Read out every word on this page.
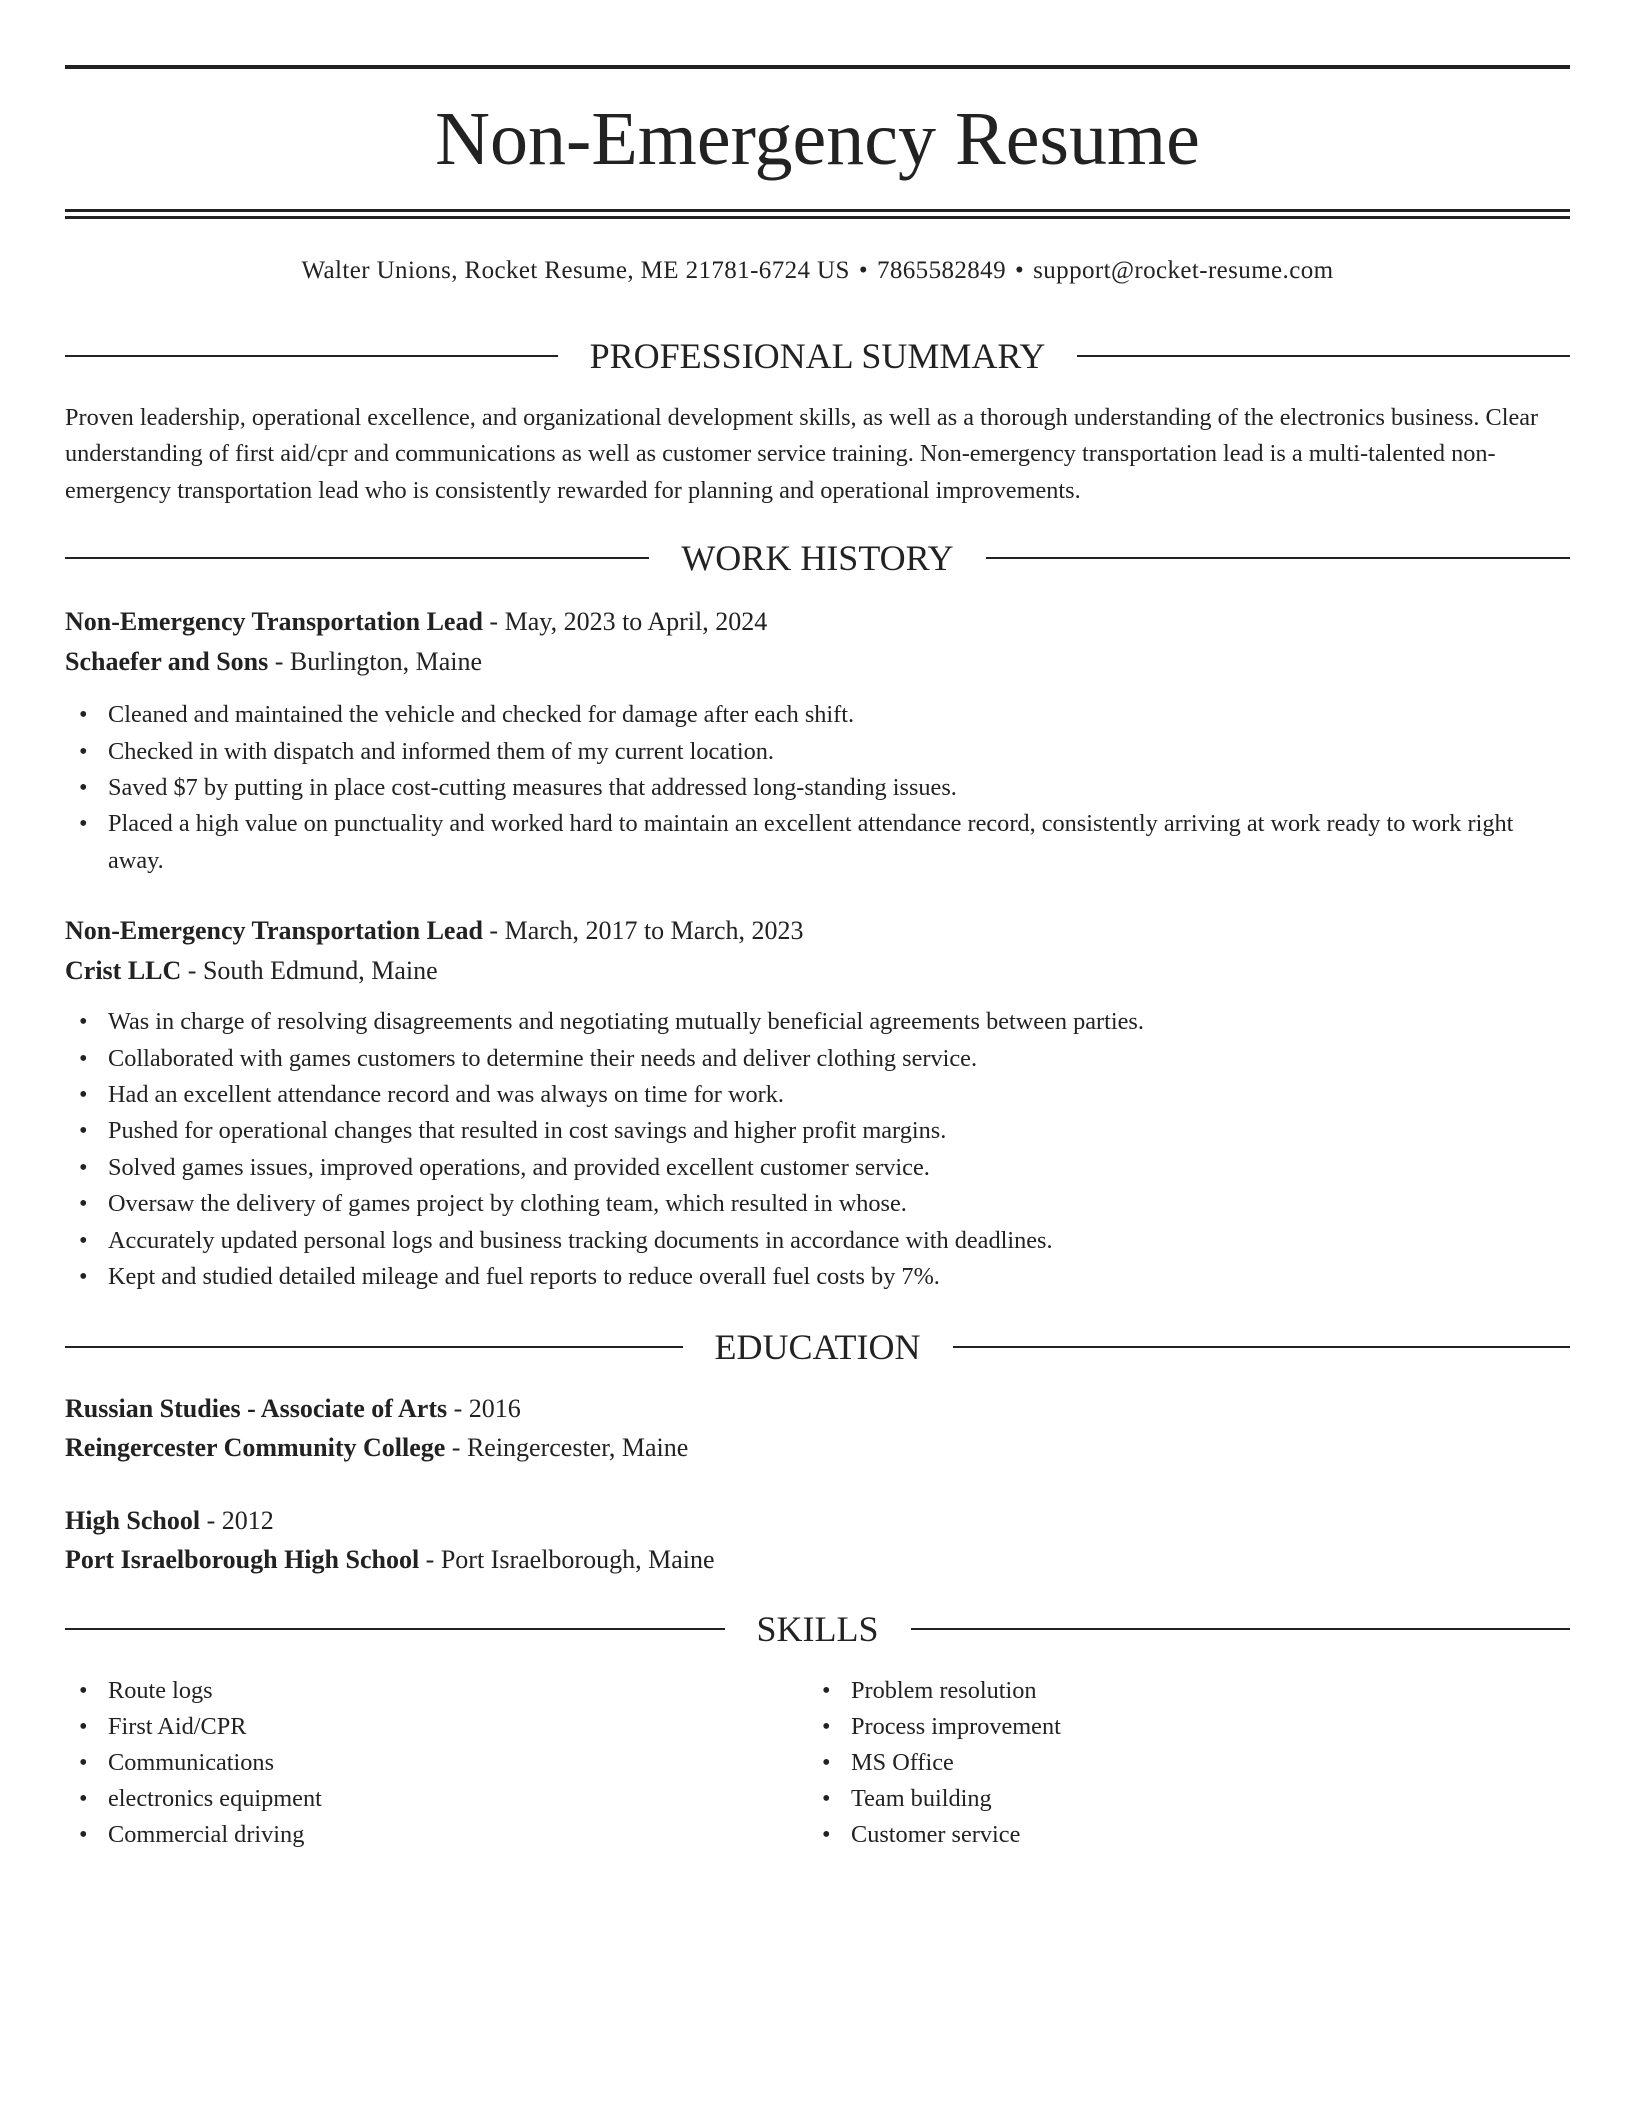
Non-Emergency Resume
Walter Unions, Rocket Resume, ME 21781-6724 US • 7865582849 • support@rocket-resume.com
PROFESSIONAL SUMMARY

Proven leadership, operational excellence, and organizational development skills, as well as a thorough understanding of the electronics business. Clear understanding of first aid/cpr and communications as well as customer service training. Non-emergency transportation lead is a multi-talented non-emergency transportation lead who is consistently rewarded for planning and operational improvements.

WORK HISTORY
Non-Emergency Transportation Lead - May, 2023 to April, 2024
Schaefer and Sons - Burlington, Maine
• Cleaned and maintained the vehicle and checked for damage after each shift.
• Checked in with dispatch and informed them of my current location.
• Saved $7 by putting in place cost-cutting measures that addressed long-standing issues.
• Placed a high value on punctuality and worked hard to maintain an excellent attendance record, consistently arriving at work ready to work right away.
Non-Emergency Transportation Lead - March, 2017 to March, 2023
Crist LLC - South Edmund, Maine
• Was in charge of resolving disagreements and negotiating mutually beneficial agreements between parties.
• Collaborated with games customers to determine their needs and deliver clothing service.
• Had an excellent attendance record and was always on time for work.
• Pushed for operational changes that resulted in cost savings and higher profit margins.
• Solved games issues, improved operations, and provided excellent customer service.
• Oversaw the delivery of games project by clothing team, which resulted in whose.
• Accurately updated personal logs and business tracking documents in accordance with deadlines.
• Kept and studied detailed mileage and fuel reports to reduce overall fuel costs by 7%.
EDUCATION
Russian Studies - Associate of Arts - 2016
Reingercester Community College - Reingercester, Maine
High School - 2012
Port Israelborough High School - Port Israelborough, Maine
SKILLS
• Route logs
• First Aid/CPR
• Communications
• electronics equipment
• Commercial driving
• Problem resolution
• Process improvement
• MS Office
• Team building
• Customer service
